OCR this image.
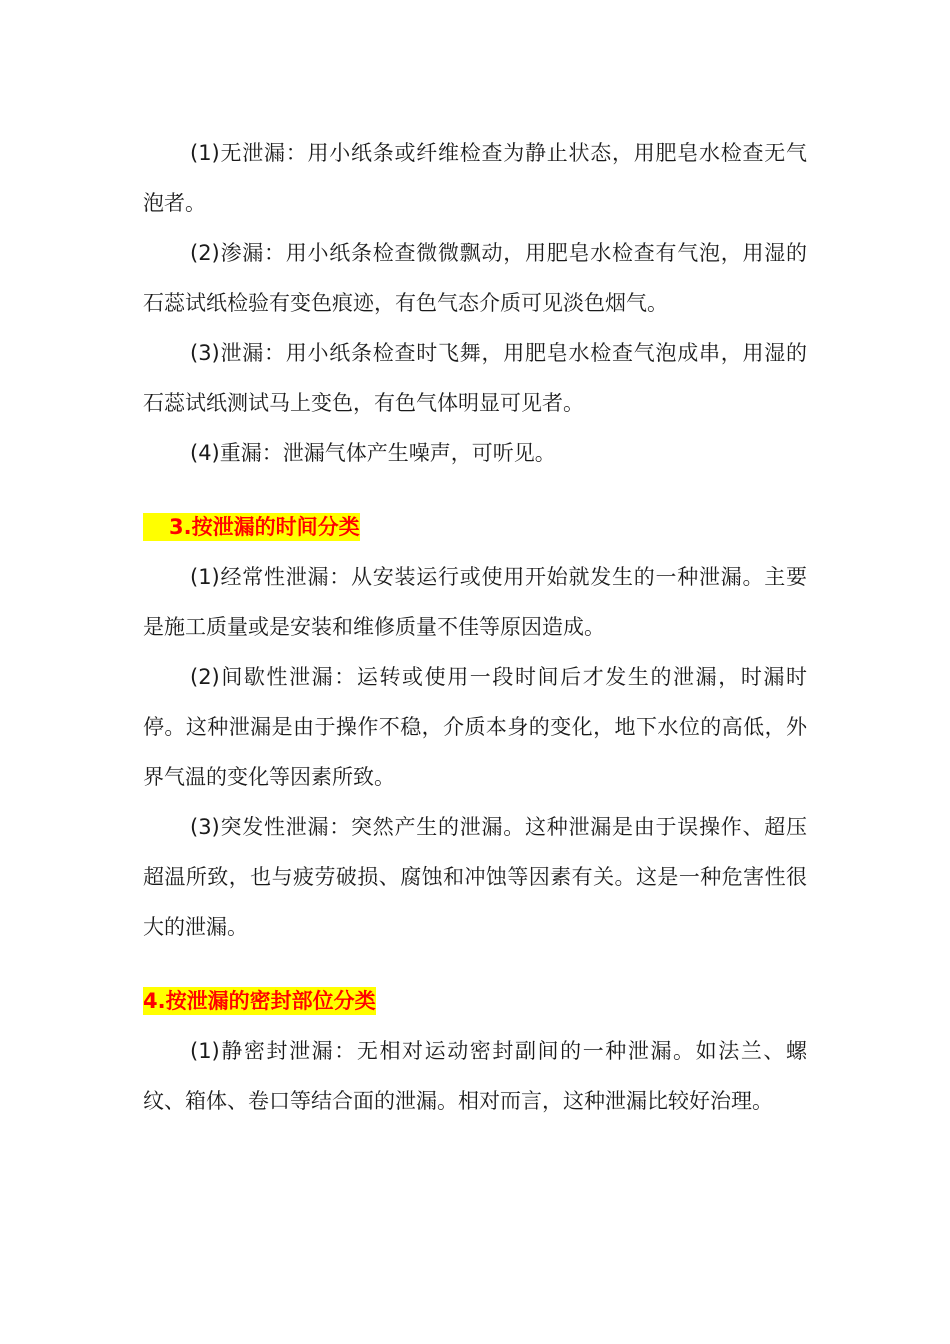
(1)无泄漏：用小纸条或纤维检查为静止状态，用肥皂水检查无气泡者。

(2)渗漏：用小纸条检查微微飘动，用肥皂水检查有气泡，用湿的石蕊试纸检验有变色痕迹，有色气态介质可见淡色烟气。

(3)泄漏：用小纸条检查时飞舞，用肥皂水检查气泡成串，用湿的石蕊试纸测试马上变色，有色气体明显可见者。

(4)重漏：泄漏气体产生噪声，可听见。

3.按泄漏的时间分类

(1)经常性泄漏：从安装运行或使用开始就发生的一种泄漏。主要是施工质量或是安装和维修质量不佳等原因造成。

(2)间歇性泄漏：运转或使用一段时间后才发生的泄漏，时漏时停。这种泄漏是由于操作不稳，介质本身的变化，地下水位的高低，外界气温的变化等因素所致。

(3)突发性泄漏：突然产生的泄漏。这种泄漏是由于误操作、超压超温所致，也与疲劳破损、腐蚀和冲蚀等因素有关。这是一种危害性很大的泄漏。

4.按泄漏的密封部位分类

(1)静密封泄漏：无相对运动密封副间的一种泄漏。如法兰、螺纹、箱体、卷口等结合面的泄漏。相对而言，这种泄漏比较好治理。
